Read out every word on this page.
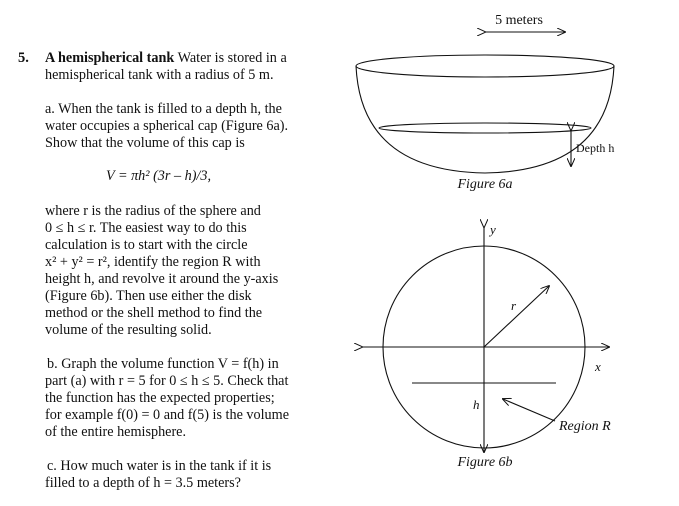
5. A hemispherical tank Water is stored in a
hemispherical tank with a radius of 5 m.
a. When the tank is filled to a depth h, the
water occupies a spherical cap (Figure 6a).
Show that the volume of this cap is
V = πh² (3r – h)/3,
where r is the radius of the sphere and
0 ≤ h ≤ r. The easiest way to do this
calculation is to start with the circle
x² + y² = r², identify the region R with
height h, and revolve it around the y-axis
(Figure 6b). Then use either the disk
method or the shell method to find the
volume of the resulting solid.
b. Graph the volume function V = f(h) in
part (a) with r = 5 for 0 ≤ h ≤ 5. Check that
the function has the expected properties;
for example f(0) = 0 and f(5) is the volume
of the entire hemisphere.
c. How much water is in the tank if it is
filled to a depth of h = 3.5 meters?
5 meters
Depth h
Figure 6a
y
x
r
h
Region R
Figure 6b
